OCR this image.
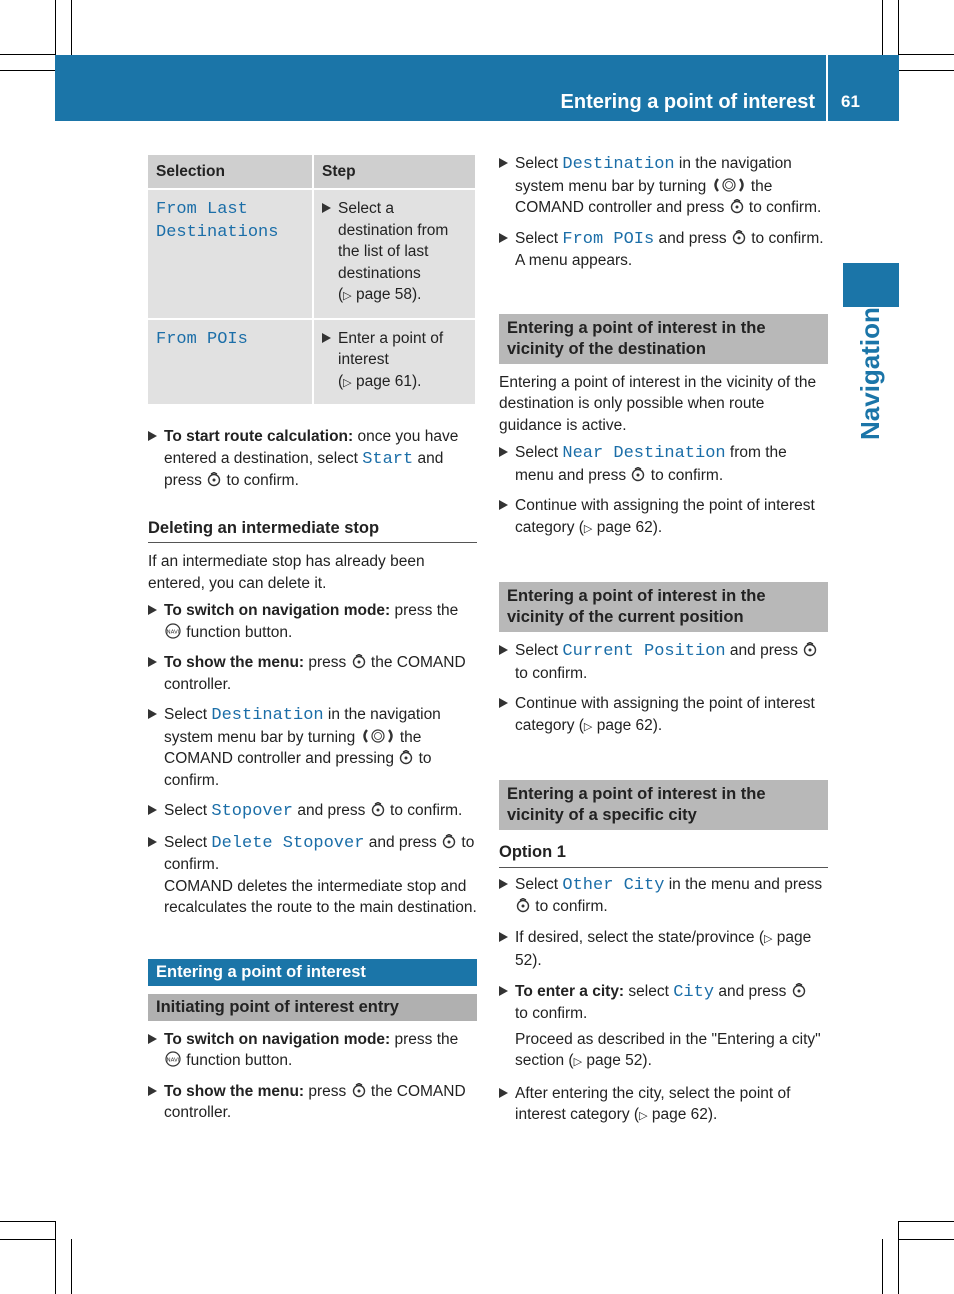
Entering a point of interest 61
Navigation
Selection	Step
From Last Destinations	Select a destination from the list of last destinations
(▷ page 58).

From POIs	Enter a point of interest
(▷ page 61).
To start route calculation: once you have entered a destination, select Start and press  to confirm.
Deleting an intermediate stop

If an intermediate stop has already been entered, you can delete it.

To switch on navigation mode: press the

NAVI function button.
To show the menu: press  the COMAND controller.
Select Destination in the navigation system menu bar by turning  the COMAND controller and pressing  to confirm.
Select Stopover and press  to confirm.
Select Delete Stopover and press  to confirm.
COMAND deletes the intermediate stop and recalculates the route to the main destination.
Entering a point of interest
Initiating point of interest entry
To switch on navigation mode: press the

NAVI function button.
To show the menu: press  the COMAND controller.
Select Destination in the navigation system menu bar by turning  the COMAND controller and press  to confirm.
Select From POIs and press  to confirm.
A menu appears.
Entering a point of interest in the vicinity of the destination

Entering a point of interest in the vicinity of the destination is only possible when route guidance is active.

Select Near Destination from the menu and press  to confirm.
Continue with assigning the point of interest category (▷ page 62).
Entering a point of interest in the vicinity of the current position
Select Current Position and press  to confirm.
Continue with assigning the point of interest category (▷ page 62).
Entering a point of interest in the vicinity of a specific city
Option 1
Select Other City in the menu and press  to confirm.
If desired, select the state/province (▷ page 52).
To enter a city: select City and press
to confirm.
Proceed as described in the "Entering a city" section (▷ page 52).
After entering the city, select the point of interest category (▷ page 62).
